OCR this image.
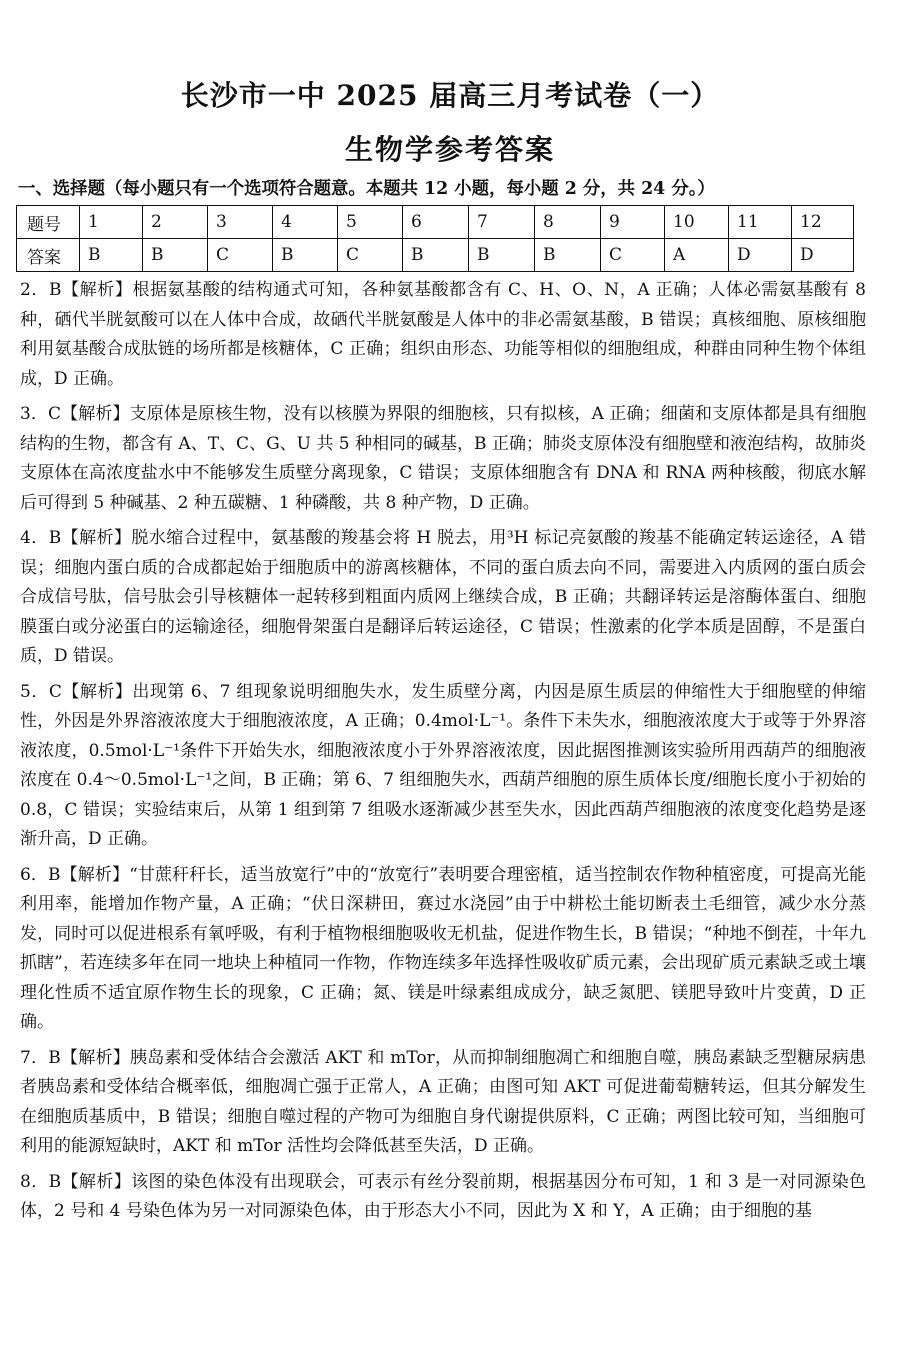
长沙市一中 2025 届高三月考试卷（一）
生物学参考答案
一、选择题（每小题只有一个选项符合题意。本题共 12 小题，每小题 2 分，共 24 分。）
题号	1	2	3	4	5	6	7	8	9	10	11	12
答案	B	B	C	B	C	B	B	B	C	A	D	D

2．B【解析】根据氨基酸的结构通式可知，各种氨基酸都含有 C、H、O、N，A 正确；人体必需氨基酸有 8 种，硒代半胱氨酸可以在人体中合成，故硒代半胱氨酸是人体中的非必需氨基酸，B 错误；真核细胞、原核细胞利用氨基酸合成肽链的场所都是核糖体，C 正确；组织由形态、功能等相似的细胞组成，种群由同种生物个体组成，D 正确。

3．C【解析】支原体是原核生物，没有以核膜为界限的细胞核，只有拟核，A 正确；细菌和支原体都是具有细胞结构的生物，都含有 A、T、C、G、U 共 5 种相同的碱基，B 正确；肺炎支原体没有细胞壁和液泡结构，故肺炎支原体在高浓度盐水中不能够发生质壁分离现象，C 错误；支原体细胞含有 DNA 和 RNA 两种核酸，彻底水解后可得到 5 种碱基、2 种五碳糖、1 种磷酸，共 8 种产物，D 正确。

4．B【解析】脱水缩合过程中，氨基酸的羧基会将 H 脱去，用³H 标记亮氨酸的羧基不能确定转运途径，A 错误；细胞内蛋白质的合成都起始于细胞质中的游离核糖体，不同的蛋白质去向不同，需要进入内质网的蛋白质会合成信号肽，信号肽会引导核糖体一起转移到粗面内质网上继续合成，B 正确；共翻译转运是溶酶体蛋白、细胞膜蛋白或分泌蛋白的运输途径，细胞骨架蛋白是翻译后转运途径，C 错误；性激素的化学本质是固醇，不是蛋白质，D 错误。

5．C【解析】出现第 6、7 组现象说明细胞失水，发生质壁分离，内因是原生质层的伸缩性大于细胞壁的伸缩性，外因是外界溶液浓度大于细胞液浓度，A 正确；0.4mol·L⁻¹。条件下未失水，细胞液浓度大于或等于外界溶液浓度，0.5mol·L⁻¹条件下开始失水，细胞液浓度小于外界溶液浓度，因此据图推测该实验所用西葫芦的细胞液浓度在 0.4～0.5mol·L⁻¹之间，B 正确；第 6、7 组细胞失水，西葫芦细胞的原生质体长度/细胞长度小于初始的 0.8，C 错误；实验结束后，从第 1 组到第 7 组吸水逐渐减少甚至失水，因此西葫芦细胞液的浓度变化趋势是逐渐升高，D 正确。

6．B【解析】“甘蔗秆秆长，适当放宽行”中的“放宽行”表明要合理密植，适当控制农作物种植密度，可提高光能利用率，能增加作物产量，A 正确；“伏日深耕田，赛过水浇园”由于中耕松土能切断表土毛细管，减少水分蒸发，同时可以促进根系有氧呼吸，有利于植物根细胞吸收无机盐，促进作物生长，B 错误；“种地不倒茬，十年九抓瞎”，若连续多年在同一地块上种植同一作物，作物连续多年选择性吸收矿质元素，会出现矿质元素缺乏或土壤理化性质不适宜原作物生长的现象，C 正确；氮、镁是叶绿素组成成分，缺乏氮肥、镁肥导致叶片变黄，D 正确。

7．B【解析】胰岛素和受体结合会激活 AKT 和 mTor，从而抑制细胞凋亡和细胞自噬，胰岛素缺乏型糖尿病患者胰岛素和受体结合概率低，细胞凋亡强于正常人，A 正确；由图可知 AKT 可促进葡萄糖转运，但其分解发生在细胞质基质中，B 错误；细胞自噬过程的产物可为细胞自身代谢提供原料，C 正确；两图比较可知，当细胞可利用的能源短缺时，AKT 和 mTor 活性均会降低甚至失活，D 正确。

8．B【解析】该图的染色体没有出现联会，可表示有丝分裂前期，根据基因分布可知，1 和 3 是一对同源染色体，2 号和 4 号染色体为另一对同源染色体，由于形态大小不同，因此为 X 和 Y，A 正确；由于细胞的基
